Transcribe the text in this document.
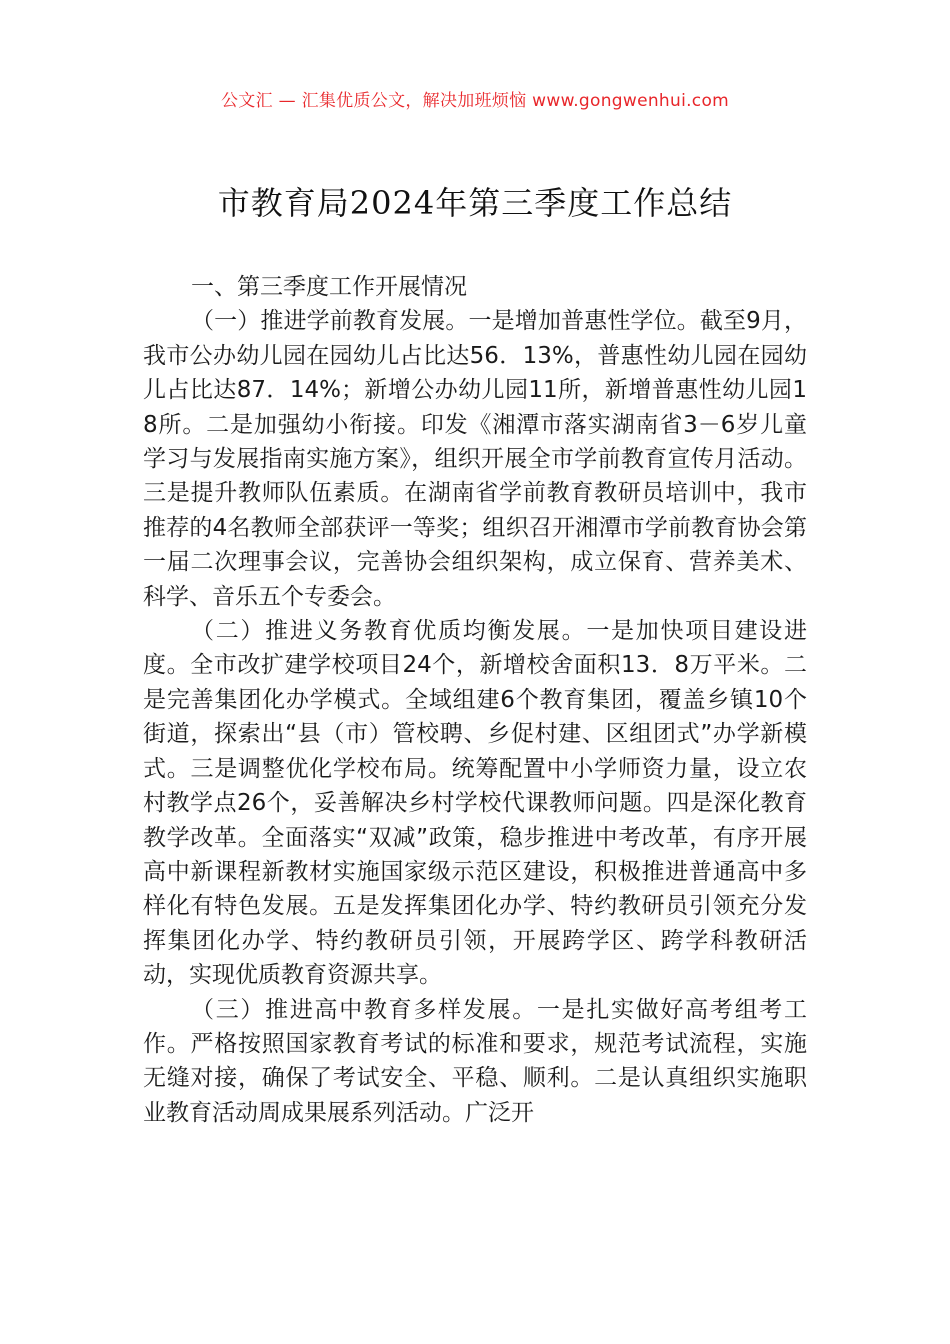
公文汇 — 汇集优质公文，解决加班烦恼 www.gongwenhui.com
市教育局2024年第三季度工作总结

一、第三季度工作开展情况

（一）推进学前教育发展。一是增加普惠性学位。截至9月，我市公办幼儿园在园幼儿占比达56．13%，普惠性幼儿园在园幼儿占比达87．14%；新增公办幼儿园11所，新增普惠性幼儿园18所。二是加强幼小衔接。印发《湘潭市落实湖南省3－6岁儿童学习与发展指南实施方案》，组织开展全市学前教育宣传月活动。三是提升教师队伍素质。在湖南省学前教育教研员培训中，我市推荐的4名教师全部获评一等奖；组织召开湘潭市学前教育协会第一届二次理事会议，完善协会组织架构，成立保育、营养美术、科学、音乐五个专委会。

（二）推进义务教育优质均衡发展。一是加快项目建设进度。全市改扩建学校项目24个，新增校舍面积13．8万平米。二是完善集团化办学模式。全域组建6个教育集团，覆盖乡镇10个街道，探索出“县（市）管校聘、乡促村建、区组团式”办学新模式。三是调整优化学校布局。统筹配置中小学师资力量，设立农村教学点26个，妥善解决乡村学校代课教师问题。四是深化教育教学改革。全面落实“双减”政策，稳步推进中考改革，有序开展高中新课程新教材实施国家级示范区建设，积极推进普通高中多样化有特色发展。五是发挥集团化办学、特约教研员引领充分发挥集团化办学、特约教研员引领，开展跨学区、跨学科教研活动，实现优质教育资源共享。

（三）推进高中教育多样发展。一是扎实做好高考组考工作。严格按照国家教育考试的标准和要求，规范考试流程，实施无缝对接，确保了考试安全、平稳、顺利。二是认真组织实施职业教育活动周成果展系列活动。广泛开
